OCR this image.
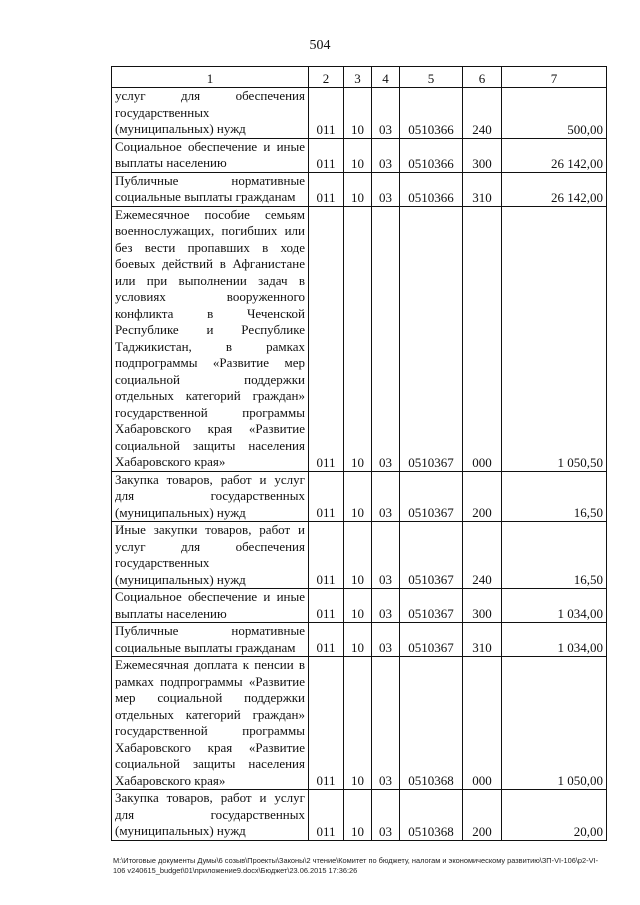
504
1	2	3	4	5	6	7
услуг для обеспечения государственных (муниципальных) нужд	011	10	03	0510366	240	500,00
Социальное обеспечение и иные выплаты населению	011	10	03	0510366	300	26 142,00
Публичные нормативные социальные выплаты гражданам	011	10	03	0510366	310	26 142,00
Ежемесячное пособие семьям военнослужащих, погибших или без вести пропавших в ходе боевых действий в Афганистане или при выполнении задач в условиях вооруженного конфликта в Чеченской Республике и Республике Таджикистан, в рамках подпрограммы «Развитие мер социальной поддержки отдельных категорий граждан» государственной программы Хабаровского края «Развитие социальной защиты населения Хабаровского края»	011	10	03	0510367	000	1 050,50
Закупка товаров, работ и услуг для государственных (муниципальных) нужд	011	10	03	0510367	200	16,50
Иные закупки товаров, работ и услуг для обеспечения государственных (муниципальных) нужд	011	10	03	0510367	240	16,50
Социальное обеспечение и иные выплаты населению	011	10	03	0510367	300	1 034,00
Публичные нормативные социальные выплаты гражданам	011	10	03	0510367	310	1 034,00
Ежемесячная доплата к пенсии в рамках подпрограммы «Развитие мер социальной поддержки отдельных категорий граждан» государственной программы Хабаровского края «Развитие социальной защиты населения Хабаровского края»	011	10	03	0510368	000	1 050,00
Закупка товаров, работ и услуг для государственных (муниципальных) нужд	011	10	03	0510368	200	20,00
M:\Итоговые документы Думы\6 созыв\Проекты\Законы\2 чтение\Комитет по бюджету, налогам и экономическому развитию\ЗП-VI-106\р2-VI-106 v240615_budget\01\приложение9.docx\Бюджет\23.06.2015 17:36:26
